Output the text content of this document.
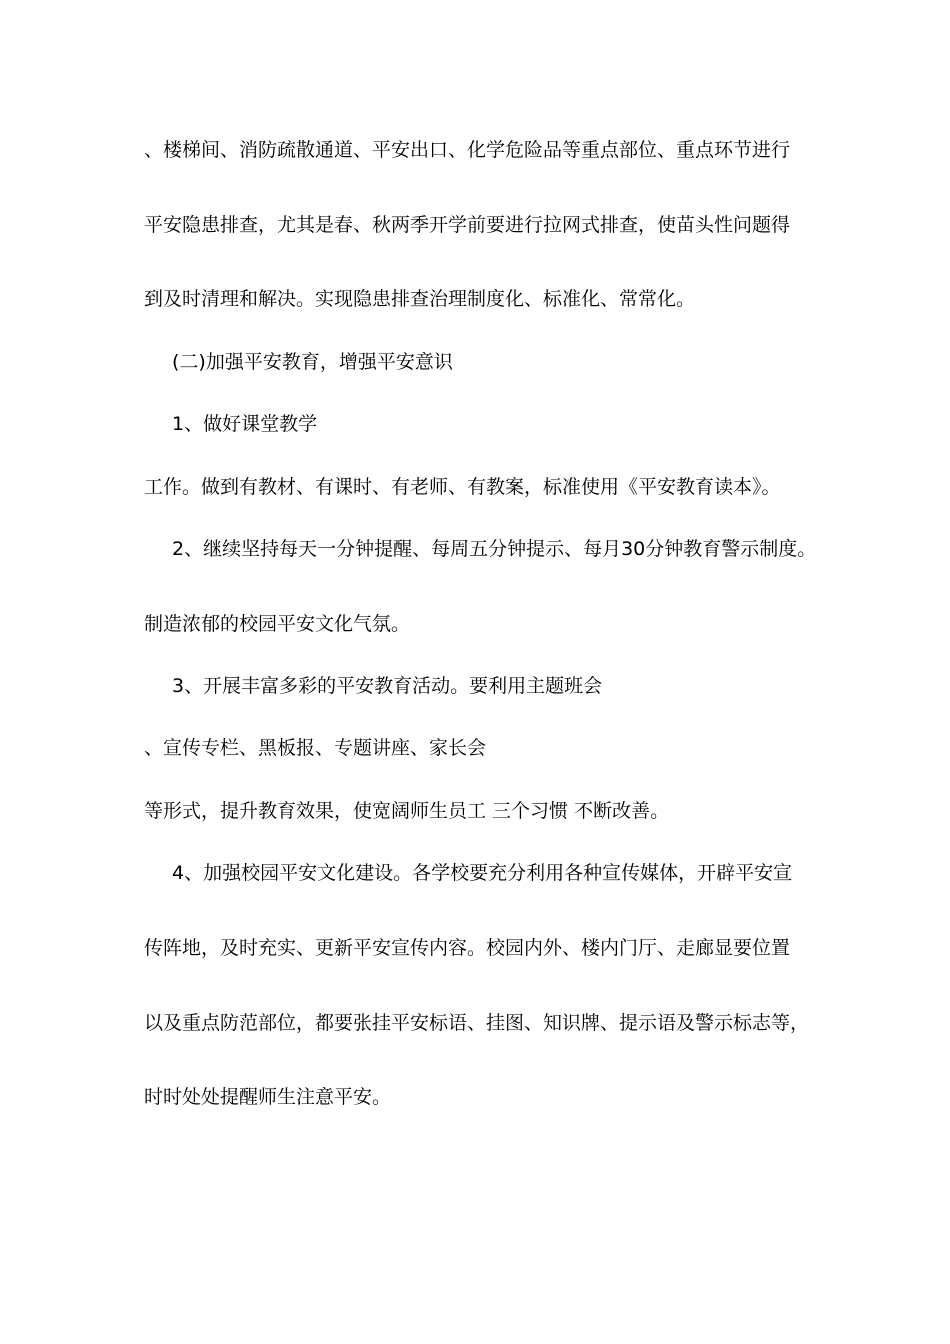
、楼梯间、消防疏散通道、平安出口、化学危险品等重点部位、重点环节进行
平安隐患排查，尤其是春、秋两季开学前要进行拉网式排查，使苗头性问题得
到及时清理和解决。实现隐患排查治理制度化、标准化、常常化。
(二)加强平安教育，增强平安意识
1、做好课堂教学
工作。做到有教材、有课时、有老师、有教案，标准使用《平安教育读本》。
2、继续坚持每天一分钟提醒、每周五分钟提示、每月30分钟教育警示制度。
制造浓郁的校园平安文化气氛。
3、开展丰富多彩的平安教育活动。要利用主题班会
、宣传专栏、黑板报、专题讲座、家长会
等形式，提升教育效果，使宽阔师生员工 三个习惯 不断改善。
4、加强校园平安文化建设。各学校要充分利用各种宣传媒体，开辟平安宣
传阵地，及时充实、更新平安宣传内容。校园内外、楼内门厅、走廊显要位置
以及重点防范部位，都要张挂平安标语、挂图、知识牌、提示语及警示标志等，
时时处处提醒师生注意平安。
